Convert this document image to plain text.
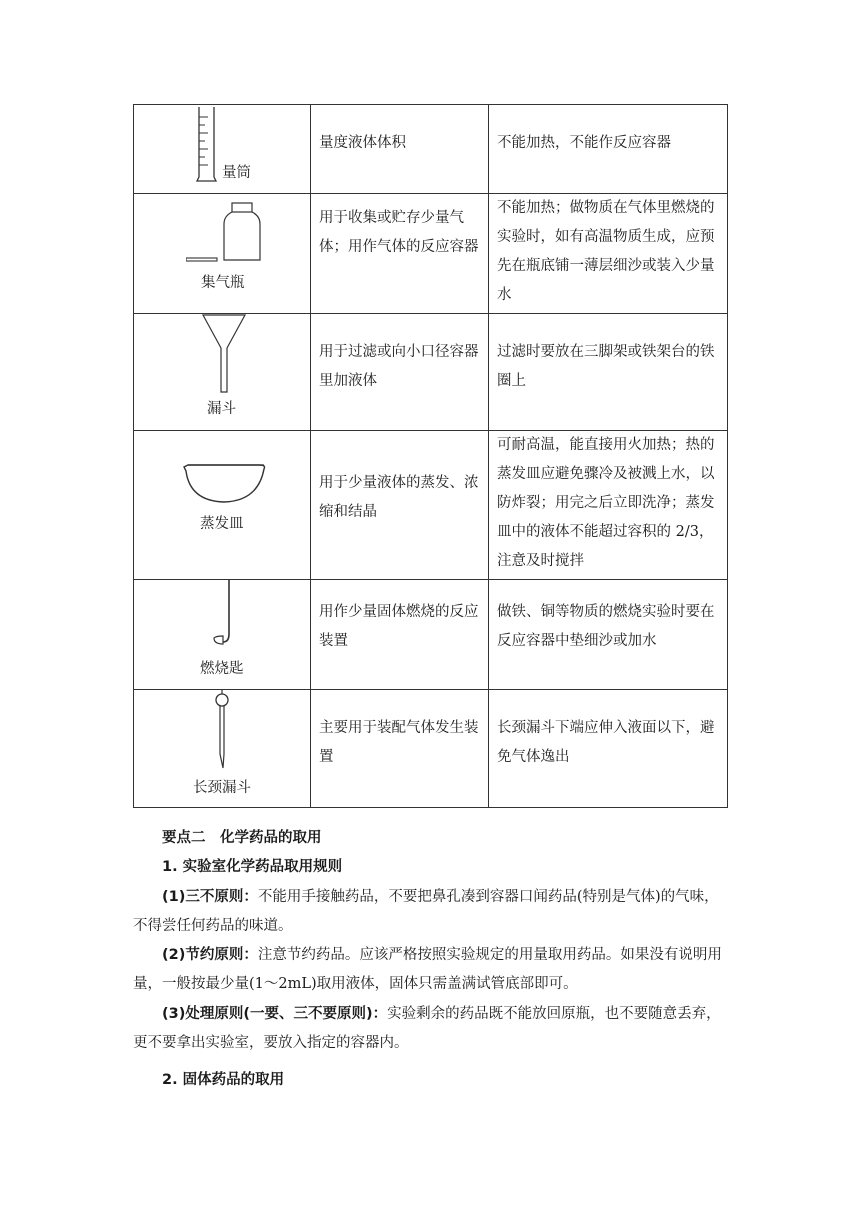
量筒	量度液体体积	不能加热，不能作反应容器

集气瓶	用于收集或贮存少量气体；用作气体的反应容器	不能加热；做物质在气体里燃烧的实验时，如有高温物质生成，应预先在瓶底铺一薄层细沙或装入少量水

漏斗	用于过滤或向小口径容器里加液体	过滤时要放在三脚架或铁架台的铁圈上

蒸发皿	用于少量液体的蒸发、浓缩和结晶	可耐高温，能直接用火加热；热的蒸发皿应避免骤冷及被溅上水，以防炸裂；用完之后立即洗净；蒸发皿中的液体不能超过容积的 2/3，注意及时搅拌

燃烧匙	用作少量固体燃烧的反应装置	做铁、铜等物质的燃烧实验时要在反应容器中垫细沙或加水

长颈漏斗	主要用于装配气体发生装置	长颈漏斗下端应伸入液面以下，避免气体逸出
要点二　化学药品的取用
1. 实验室化学药品取用规则
(1)三不原则：不能用手接触药品，不要把鼻孔凑到容器口闻药品(特别是气体)的气味，不得尝任何药品的味道。
(2)节约原则：注意节约药品。应该严格按照实验规定的用量取用药品。如果没有说明用量，一般按最少量(1～2mL)取用液体，固体只需盖满试管底部即可。
(3)处理原则(一要、三不要原则)：实验剩余的药品既不能放回原瓶，也不要随意丢弃，更不要拿出实验室，要放入指定的容器内。
2. 固体药品的取用
